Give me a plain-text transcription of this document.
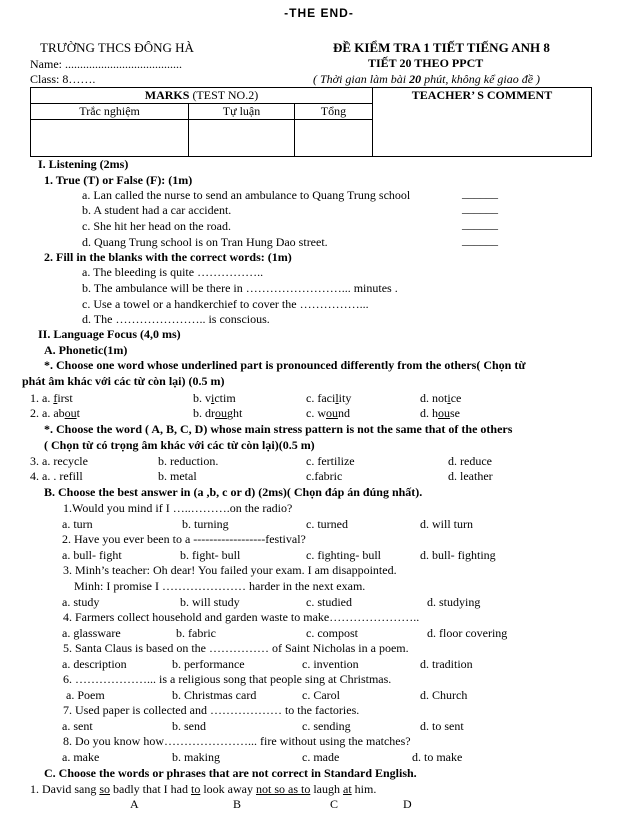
-THE END-
TRƯỜNG THCS ĐÔNG HÀ
Name: .......................................
Class: 8…….
ĐỀ KIỂM TRA 1 TIẾT TIẾNG ANH 8
TIẾT 20 THEO PPCT
( Thời gian làm bài 20 phút, không kể giao đề )
MARKS (TEST NO.2)			TEACHER’ S COMMENT
Trắc nghiệm	Tự luận	Tổng	

I. Listening (2ms)
1. True (T) or False (F): (1m)
a. Lan called the nurse to send an ambulance to Quang Trung school	______
b. A student had a car accident.	______
c. She hit her head on the road.	______
d. Quang Trung school is on Tran Hung Dao street.	______
2. Fill in the blanks with the correct words: (1m)
a. The bleeding is quite ……………..
b. The ambulance will be there in ……………………... minutes .
c. Use a towel or a handkerchief to cover the ……………...
d. The ………………….. is conscious.
II. Language Focus (4,0 ms)
A. Phonetic(1m)
*. Choose one word whose underlined part is pronounced differently from the others( Chọn từ
phát âm khác với các từ còn lại) (0.5 m)
1. a. first	b. victim	c. facility	d. notice
2. a. about	b. drought	c. wound	d. house
*. Choose the word ( A, B, C, D) whose main stress pattern is not the same that of the others
( Chọn từ có trọng âm khác với các từ còn lại)(0.5 m)
3. a. recycle	b. reduction.	c. fertilize	d. reduce
4. a. . refill	b. metal	c.fabric	d. leather
B. Choose the best answer in (a ,b, c or d) (2ms)( Chọn đáp án đúng nhất).
1.Would you mind if I …..……….on the radio?
a. turn	b. turning	c. turned	d. will turn
2. Have you ever been to a ------------------festival?
a. bull- fight	b. fight- bull	c. fighting- bull	d. bull- fighting
3. Minh’s teacher: Oh dear! You failed your exam. I am disappointed.
Minh: I promise I ………………… harder in the next exam.
a. study	b. will study	c. studied	d. studying
4. Farmers collect household and garden waste to make…………………..
a. glassware	b. fabric	c. compost	d. floor covering
5. Santa Claus is based on the …………… of Saint Nicholas in a poem.
a. description	b. performance	c. invention	d. tradition
6. ………………... is a religious song that people sing at Christmas.
a. Poem	b. Christmas card	c. Carol	d. Church
7. Used paper is collected and ……………… to the factories.
a. sent	b. send	c. sending	d. to sent
8. Do you know how…………………... fire without using the matches?
a. make	b. making	c. made	d. to make
C. Choose the words or phrases that are not correct in Standard English.
1. David sang so badly that I had to look away not so as to laugh at him.
A	B	C	D
